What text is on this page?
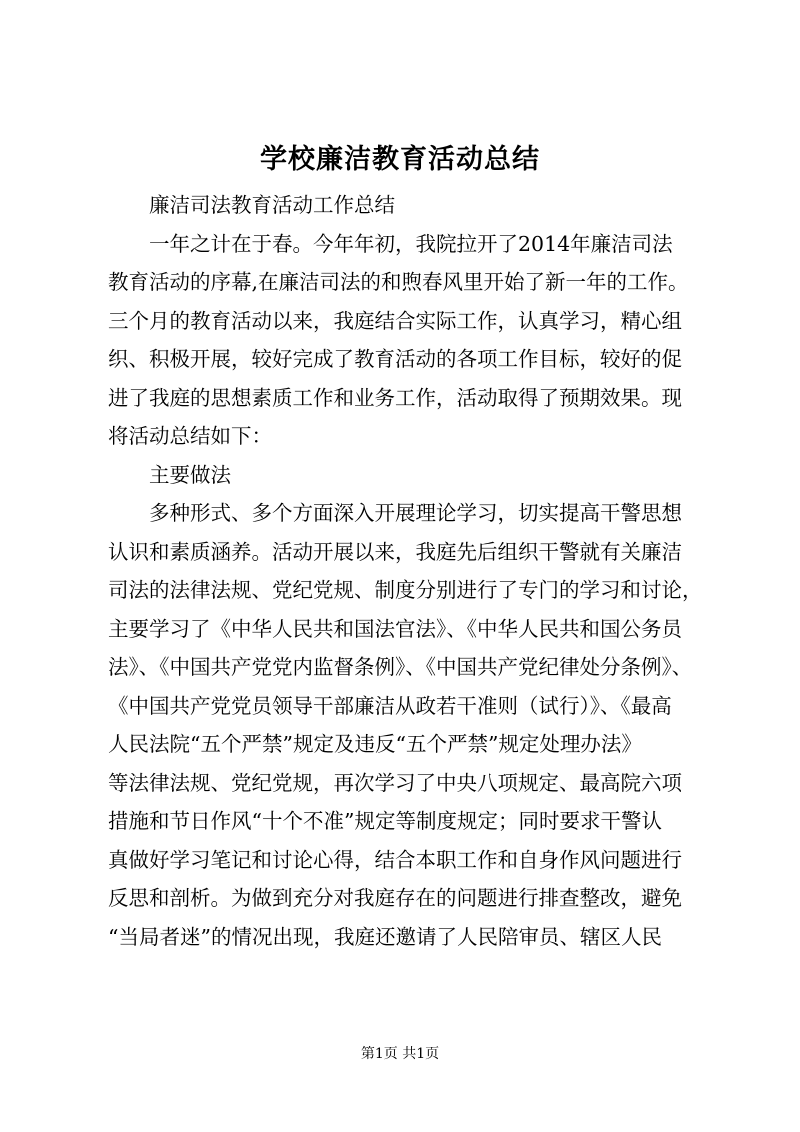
学校廉洁教育活动总结
廉洁司法教育活动工作总结
一年之计在于春。今年年初，我院拉开了2014年廉洁司法
教育活动的序幕,在廉洁司法的和煦春风里开始了新一年的工作。
三个月的教育活动以来，我庭结合实际工作，认真学习，精心组
织、积极开展，较好完成了教育活动的各项工作目标，较好的促
进了我庭的思想素质工作和业务工作，活动取得了预期效果。现
将活动总结如下：
主要做法
多种形式、多个方面深入开展理论学习，切实提高干警思想
认识和素质涵养。活动开展以来，我庭先后组织干警就有关廉洁
司法的法律法规、党纪党规、制度分别进行了专门的学习和讨论，
主要学习了《中华人民共和国法官法》、《中华人民共和国公务员
法》、《中国共产党党内监督条例》、《中国共产党纪律处分条例》、
《中国共产党党员领导干部廉洁从政若干准则（试行）》、《最高
人民法院“五个严禁”规定及违反“五个严禁”规定处理办法》
等法律法规、党纪党规，再次学习了中央八项规定、最高院六项
措施和节日作风“十个不准”规定等制度规定；同时要求干警认
真做好学习笔记和讨论心得，结合本职工作和自身作风问题进行
反思和剖析。为做到充分对我庭存在的问题进行排查整改，避免
“当局者迷”的情况出现，我庭还邀请了人民陪审员、辖区人民
第1页 共1页
